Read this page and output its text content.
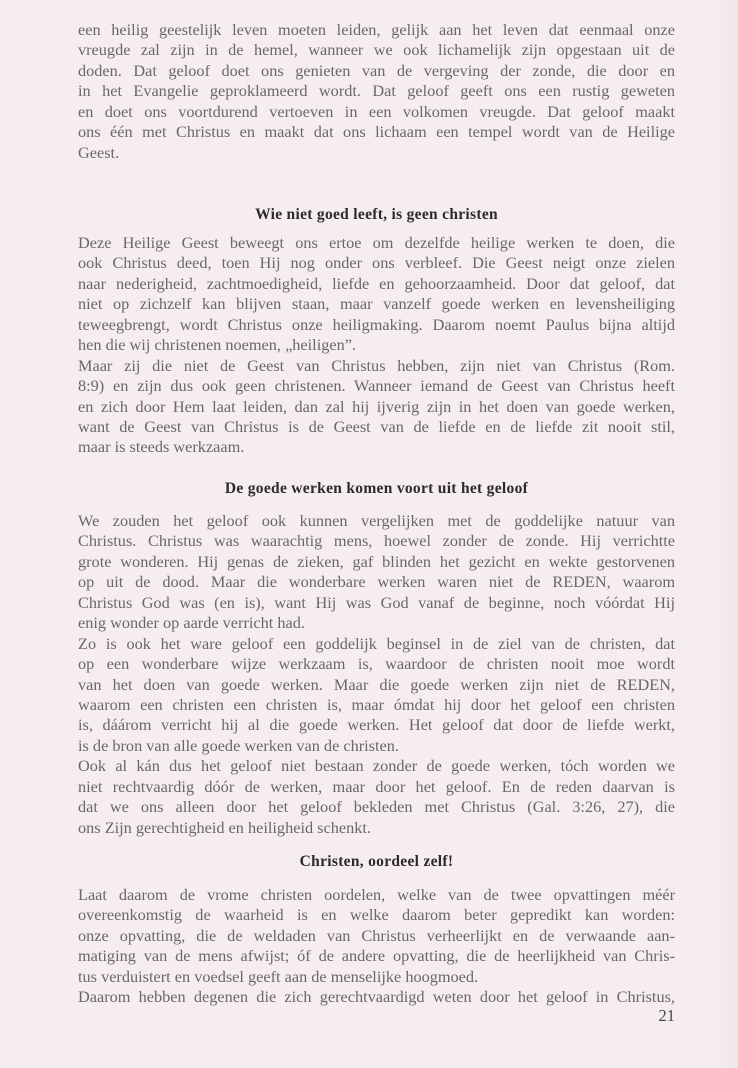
een heilig geestelijk leven moeten leiden, gelijk aan het leven dat eenmaal onze
vreugde zal zijn in de hemel, wanneer we ook lichamelijk zijn opgestaan uit de
doden. Dat geloof doet ons genieten van de vergeving der zonde, die door en
in het Evangelie geproklameerd wordt. Dat geloof geeft ons een rustig geweten
en doet ons voortdurend vertoeven in een volkomen vreugde. Dat geloof maakt
ons één met Christus en maakt dat ons lichaam een tempel wordt van de Heilige
Geest.
Wie niet goed leeft, is geen christen
Deze Heilige Geest beweegt ons ertoe om dezelfde heilige werken te doen, die
ook Christus deed, toen Hij nog onder ons verbleef. Die Geest neigt onze zielen
naar nederigheid, zachtmoedigheid, liefde en gehoorzaamheid. Door dat geloof, dat
niet op zichzelf kan blijven staan, maar vanzelf goede werken en levensheiliging
teweegbrengt, wordt Christus onze heiligmaking. Daarom noemt Paulus bijna altijd
hen die wij christenen noemen, „heiligen”.
Maar zij die niet de Geest van Christus hebben, zijn niet van Christus (Rom.
8:9) en zijn dus ook geen christenen. Wanneer iemand de Geest van Christus heeft
en zich door Hem laat leiden, dan zal hij ijverig zijn in het doen van goede werken,
want de Geest van Christus is de Geest van de liefde en de liefde zit nooit stil,
maar is steeds werkzaam.
De goede werken komen voort uit het geloof
We zouden het geloof ook kunnen vergelijken met de goddelijke natuur van
Christus. Christus was waarachtig mens, hoewel zonder de zonde. Hij verrichtte
grote wonderen. Hij genas de zieken, gaf blinden het gezicht en wekte gestorvenen
op uit de dood. Maar die wonderbare werken waren niet de REDEN, waarom
Christus God was (en is), want Hij was God vanaf de beginne, noch vóórdat Hij
enig wonder op aarde verricht had.
Zo is ook het ware geloof een goddelijk beginsel in de ziel van de christen, dat
op een wonderbare wijze werkzaam is, waardoor de christen nooit moe wordt
van het doen van goede werken. Maar die goede werken zijn niet de REDEN,
waarom een christen een christen is, maar ómdat hij door het geloof een christen
is, dáárom verricht hij al die goede werken. Het geloof dat door de liefde werkt,
is de bron van alle goede werken van de christen.
Ook al kán dus het geloof niet bestaan zonder de goede werken, tóch worden we
niet rechtvaardig dóór de werken, maar door het geloof. En de reden daarvan is
dat we ons alleen door het geloof bekleden met Christus (Gal. 3:26, 27), die
ons Zijn gerechtigheid en heiligheid schenkt.
Christen, oordeel zelf!
Laat daarom de vrome christen oordelen, welke van de twee opvattingen méér
overeenkomstig de waarheid is en welke daarom beter gepredikt kan worden:
onze opvatting, die de weldaden van Christus verheerlijkt en de verwaande aan-
matiging van de mens afwijst; óf de andere opvatting, die de heerlijkheid van Chris-
tus verduistert en voedsel geeft aan de menselijke hoogmoed.
Daarom hebben degenen die zich gerechtvaardigd weten door het geloof in Christus,
21
